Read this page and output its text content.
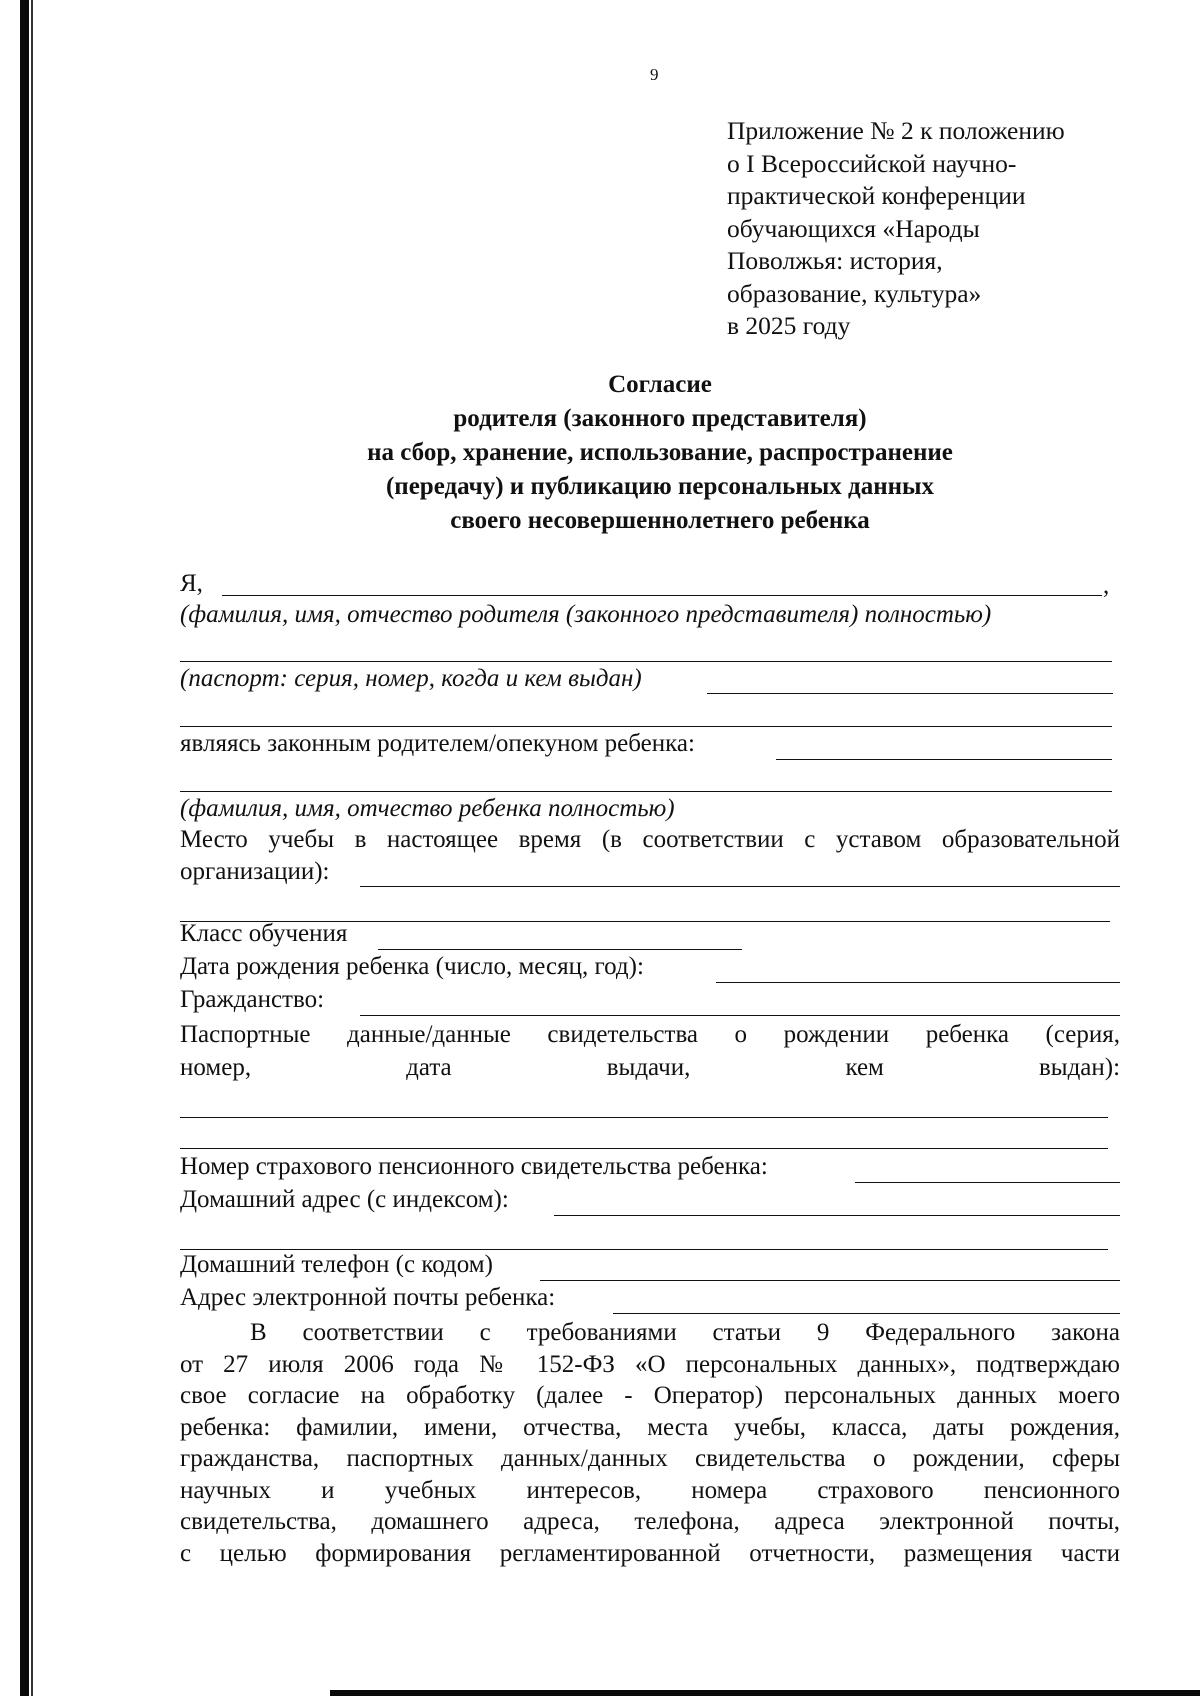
9
Приложение № 2 к положению
о I Всероссийской научно-
практической конференции
обучающихся «Народы
Поволжья: история,
образование, культура»
в 2025 году
Согласие
родителя (законного представителя)
на сбор, хранение, использование, распространение
(передачу) и публикацию персональных данных
своего несовершеннолетнего ребенка
Я,	,
(фамилия, имя, отчество родителя (законного представителя) полностью)
(паспорт: серия, номер, когда и кем выдан)
являясь законным родителем/опекуном ребенка:
(фамилия, имя, отчество ребенка полностью)
Место учебы в настоящее время (в соответствии с уставом образовательной
организации):
Класс обучения
Дата рождения ребенка (число, месяц, год):
Гражданство:
Паспортные данные/данные свидетельства о рождении ребенка (серия,
номер,	дата	выдачи,	кем	выдан):
Номер страхового пенсионного свидетельства ребенка:
Домашний адрес (с индексом):
Домашний телефон (с кодом)
Адрес электронной почты ребенка:
В соответствии с требованиями статьи 9 Федерального закона
от 27 июля 2006 года № 152-ФЗ «О персональных данных», подтверждаю
свое согласие на обработку (далее - Оператор) персональных данных моего
ребенка: фамилии, имени, отчества, места учебы, класса, даты рождения,
гражданства, паспортных данных/данных свидетельства о рождении, сферы
научных и учебных интересов, номера страхового пенсионного
свидетельства, домашнего адреса, телефона, адреса электронной почты,
с целью формирования регламентированной отчетности, размещения части
